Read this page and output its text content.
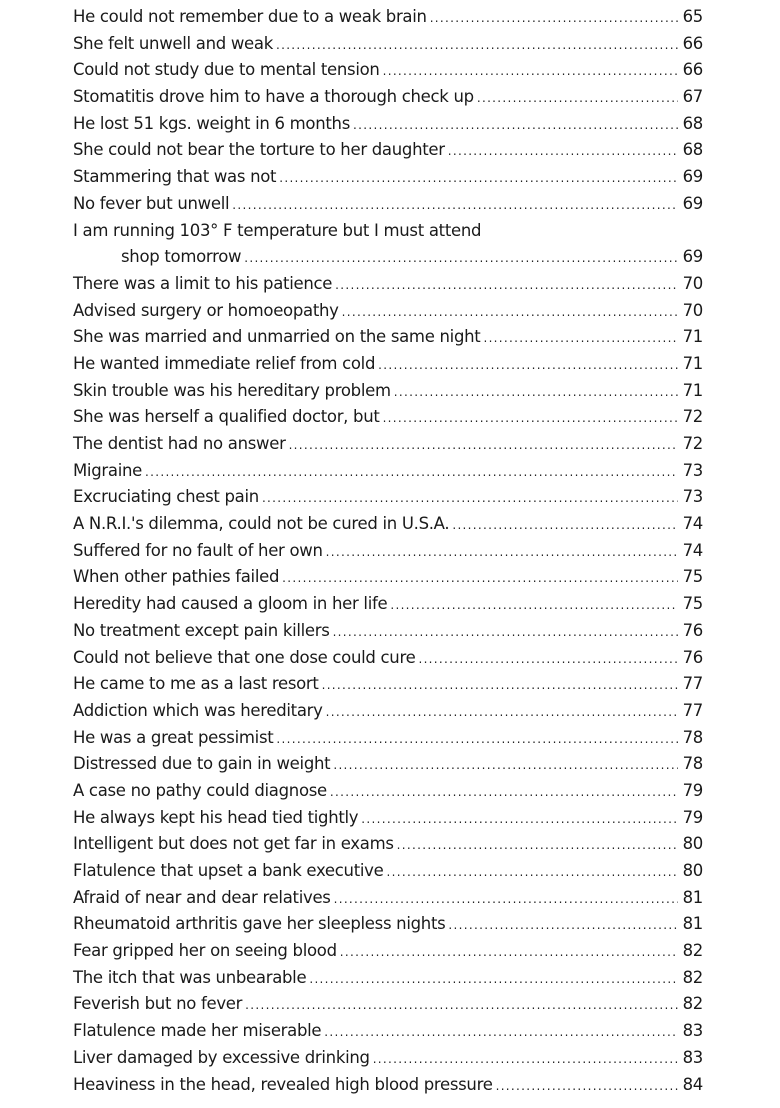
He could not remember due to a weak brain .....	65
She felt unwell and weak .....	66
Could not study due to mental tension .....	66
Stomatitis drove him to have a thorough check up .....	67
He lost 51 kgs. weight in 6 months .....	68
She could not bear the torture to her daughter .....	68
Stammering that was not .....	69
No fever but unwell .....	69
I am running 103° F temperature but I must attend
shop tomorrow .....	69
There was a limit to his patience .....	70
Advised surgery or homoeopathy .....	70
She was married and unmarried on the same night .....	71
He wanted immediate relief from cold .....	71
Skin trouble was his hereditary problem .....	71
She was herself a qualified doctor, but .....	72
The dentist had no answer .....	72
Migraine .....	73
Excruciating chest pain .....	73
A N.R.I.'s dilemma, could not be cured in U.S.A. .....	74
Suffered for no fault of her own .....	74
When other pathies failed .....	75
Heredity had caused a gloom in her life .....	75
No treatment except pain killers .....	76
Could not believe that one dose could cure .....	76
He came to me as a last resort .....	77
Addiction which was hereditary .....	77
He was a great pessimist .....	78
Distressed due to gain in weight .....	78
A case no pathy could diagnose .....	79
He always kept his head tied tightly .....	79
Intelligent but does not get far in exams .....	80
Flatulence that upset a bank executive .....	80
Afraid of near and dear relatives .....	81
Rheumatoid arthritis gave her sleepless nights .....	81
Fear gripped her on seeing blood .....	82
The itch that was unbearable .....	82
Feverish but no fever .....	82
Flatulence made her miserable .....	83
Liver damaged by excessive drinking .....	83
Heaviness in the head, revealed high blood pressure .....	84
